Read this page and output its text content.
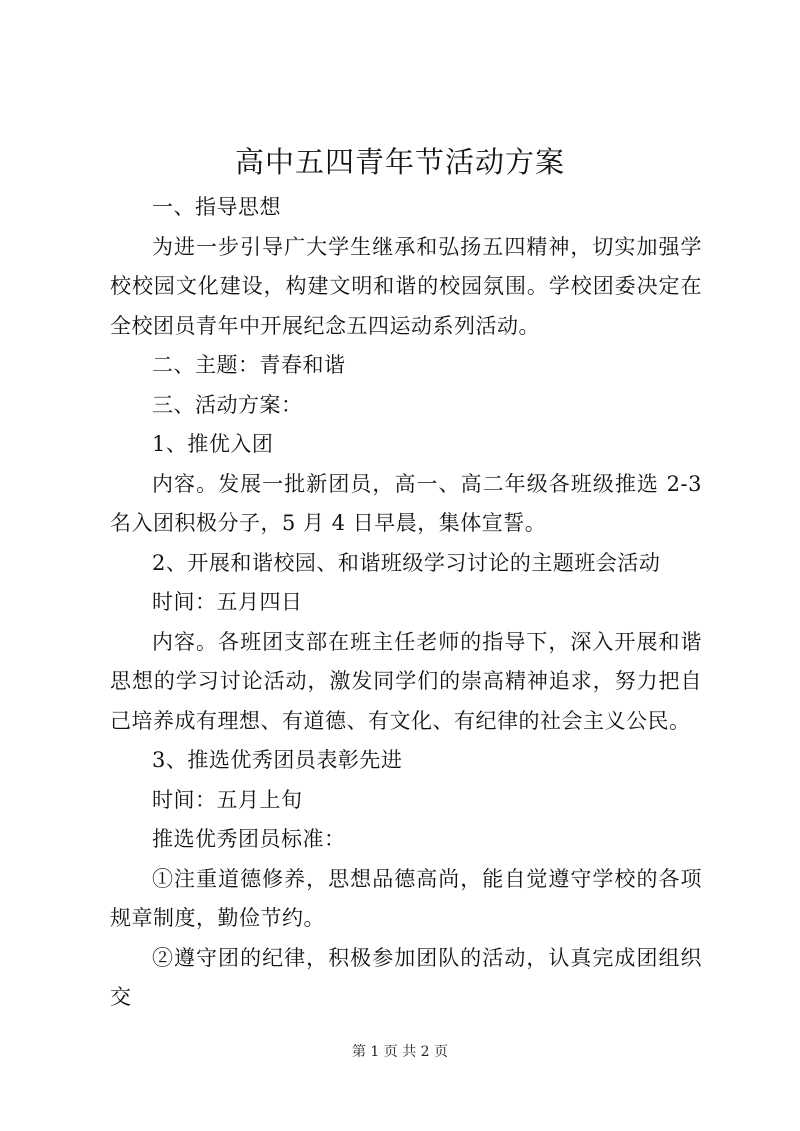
高中五四青年节活动方案

一、指导思想

为进一步引导广大学生继承和弘扬五四精神，切实加强学校校园文化建设，构建文明和谐的校园氛围。学校团委决定在全校团员青年中开展纪念五四运动系列活动。

二、主题：青春和谐

三、活动方案：

1、推优入团

内容。发展一批新团员，高一、高二年级各班级推选 2-3 名入团积极分子，5 月 4 日早晨，集体宣誓。

2、开展和谐校园、和谐班级学习讨论的主题班会活动

时间：五月四日

内容。各班团支部在班主任老师的指导下，深入开展和谐思想的学习讨论活动，激发同学们的崇高精神追求，努力把自己培养成有理想、有道德、有文化、有纪律的社会主义公民。

3、推选优秀团员表彰先进

时间：五月上旬

推选优秀团员标准：

①注重道德修养，思想品德高尚，能自觉遵守学校的各项规章制度，勤俭节约。

②遵守团的纪律，积极参加团队的活动，认真完成团组织交

第 1 页 共 2 页
